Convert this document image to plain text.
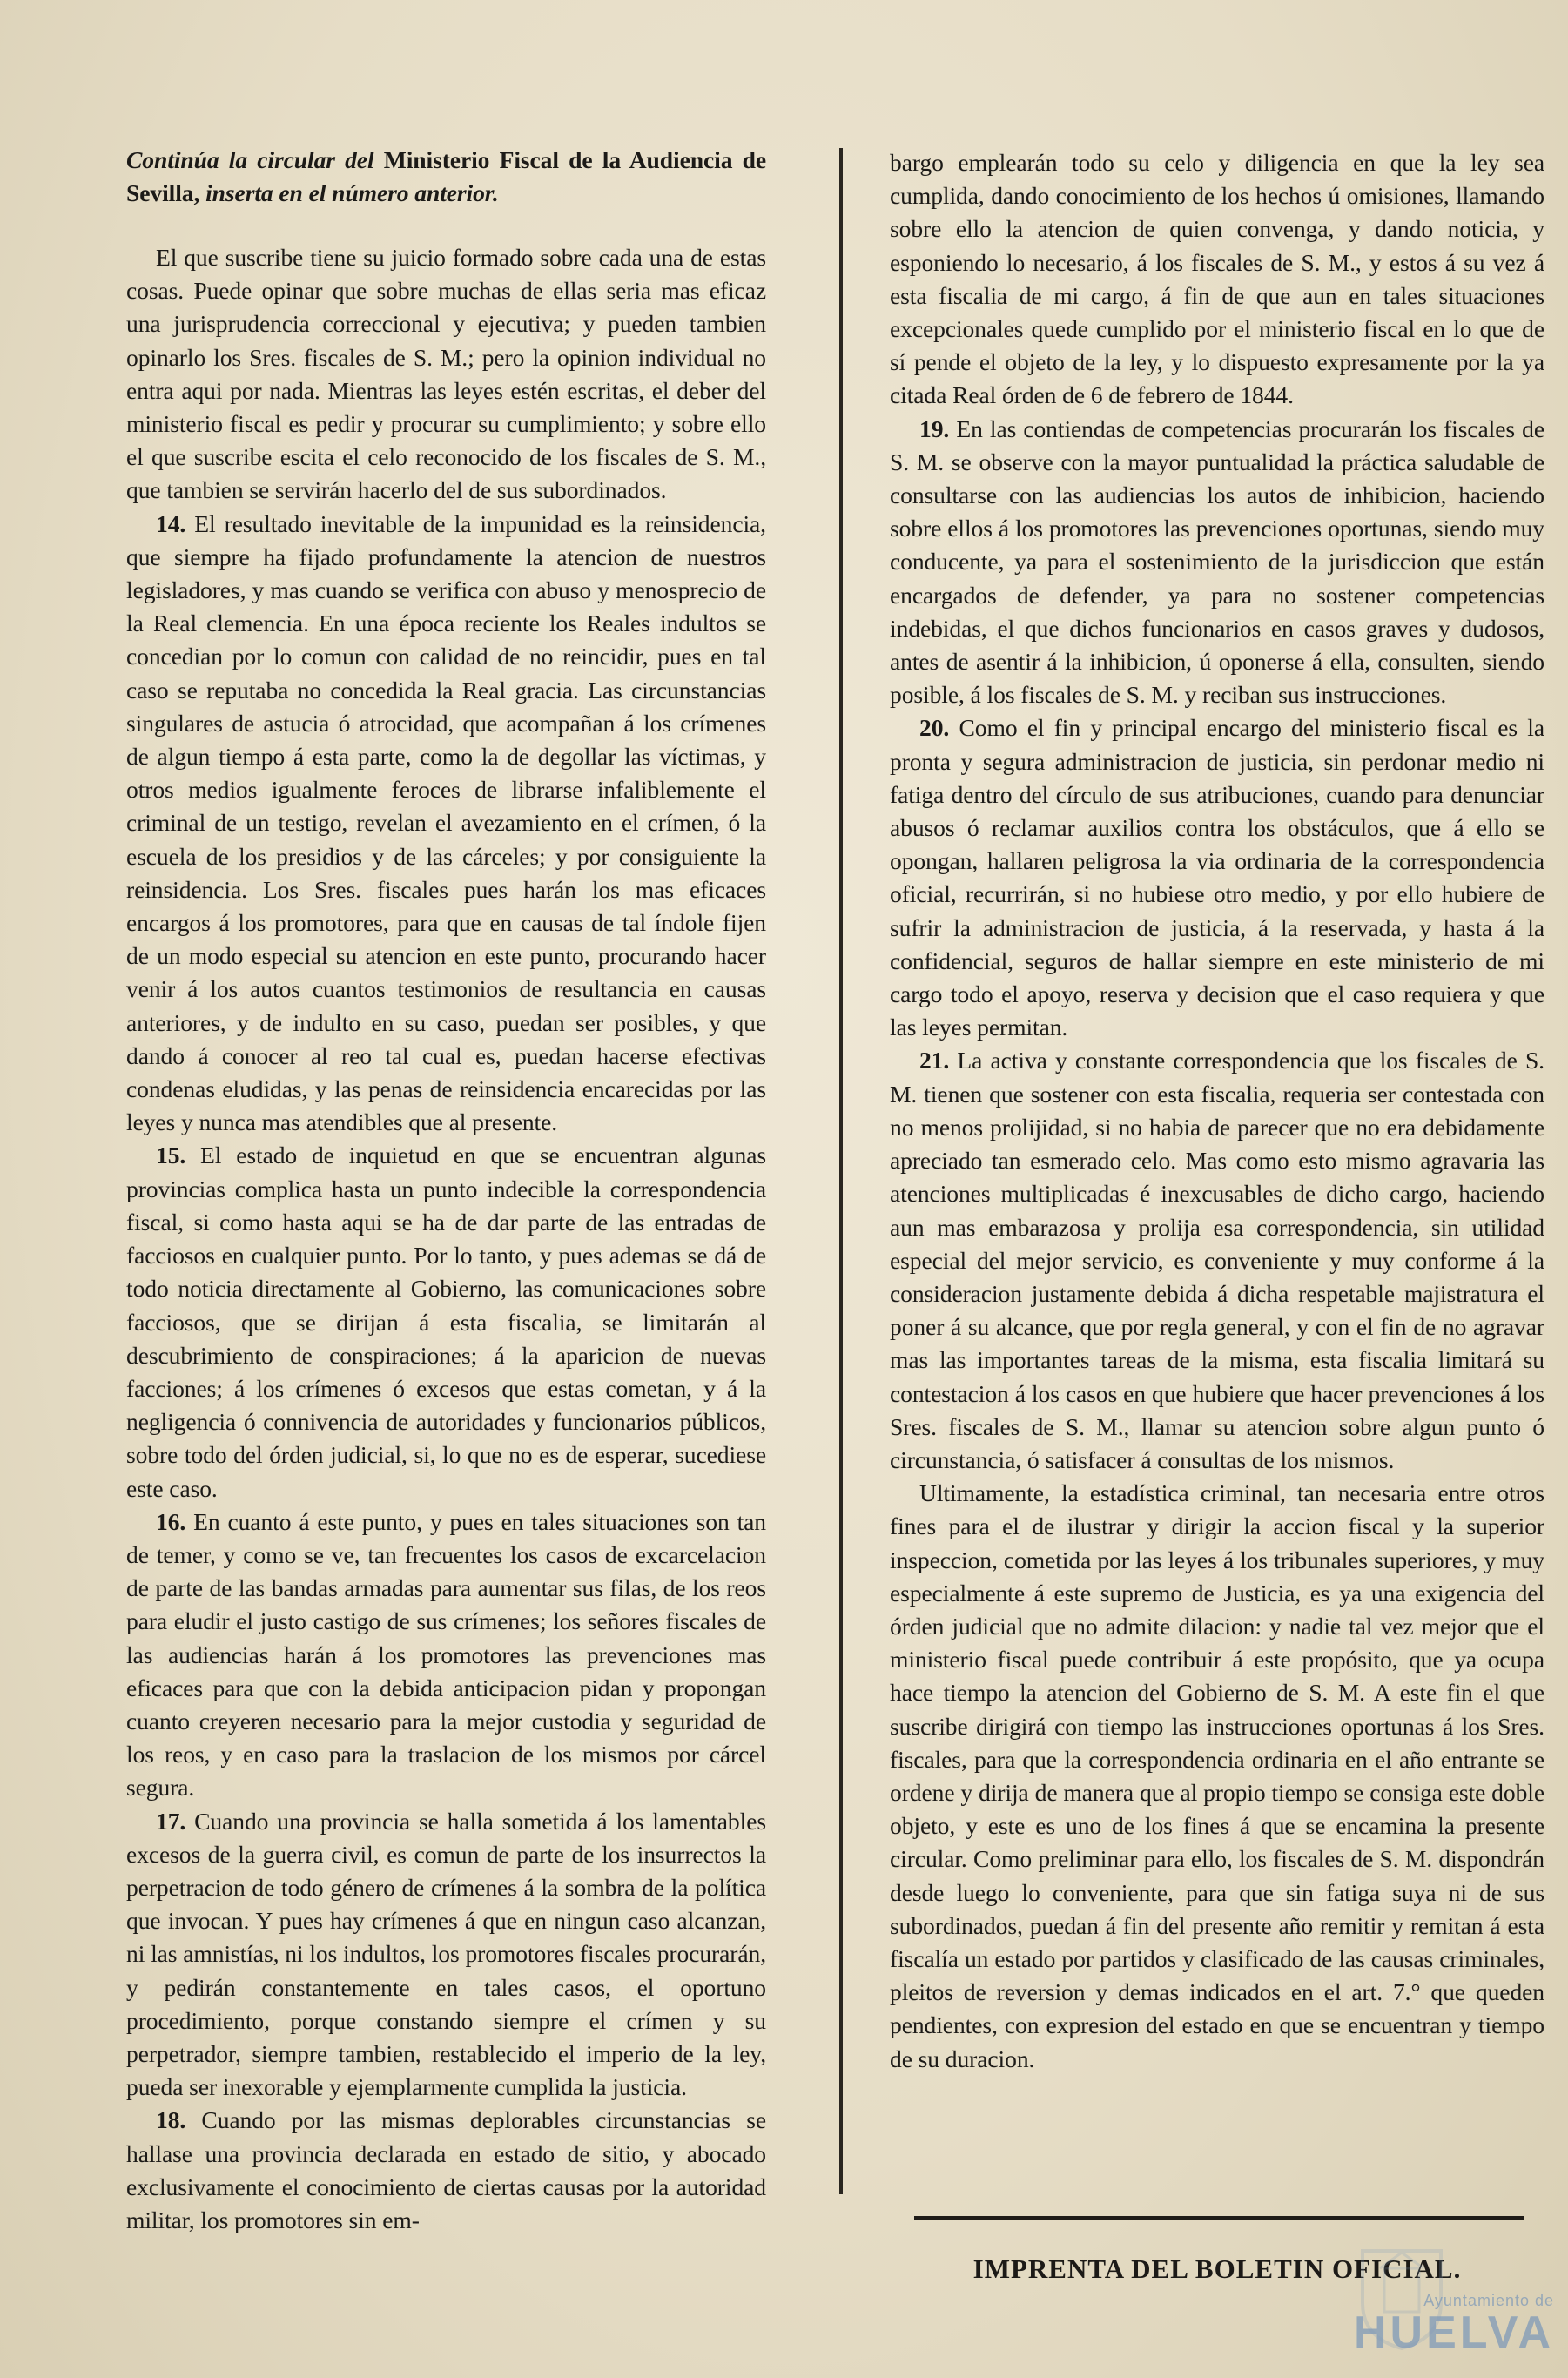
Continúa la circular del Ministerio Fiscal de la Audiencia de Sevilla, inserta en el número anterior.

El que suscribe tiene su juicio formado sobre cada una de estas cosas. Puede opinar que sobre muchas de ellas seria mas eficaz una jurisprudencia correccional y ejecutiva; y pueden tambien opinarlo los Sres. fiscales de S. M.; pero la opinion individual no entra aqui por nada. Mientras las leyes estén escritas, el deber del ministerio fiscal es pedir y procurar su cumplimiento; y sobre ello el que suscribe escita el celo reconocido de los fiscales de S. M., que tambien se servirán hacerlo del de sus subordinados.

14. El resultado inevitable de la impunidad es la reinsidencia, que siempre ha fijado profundamente la atencion de nuestros legisladores, y mas cuando se verifica con abuso y menosprecio de la Real clemencia. En una época reciente los Reales indultos se concedian por lo comun con calidad de no reincidir, pues en tal caso se reputaba no concedida la Real gracia. Las circunstancias singulares de astucia ó atrocidad, que acompañan á los crímenes de algun tiempo á esta parte, como la de degollar las víctimas, y otros medios igualmente feroces de librarse infaliblemente el criminal de un testigo, revelan el avezamiento en el crímen, ó la escuela de los presidios y de las cárceles; y por consiguiente la reinsidencia. Los Sres. fiscales pues harán los mas eficaces encargos á los promotores, para que en causas de tal índole fijen de un modo especial su atencion en este punto, procurando hacer venir á los autos cuantos testimonios de resultancia en causas anteriores, y de indulto en su caso, puedan ser posibles, y que dando á conocer al reo tal cual es, puedan hacerse efectivas condenas eludidas, y las penas de reinsidencia encarecidas por las leyes y nunca mas atendibles que al presente.

15. El estado de inquietud en que se encuentran algunas provincias complica hasta un punto indecible la correspondencia fiscal, si como hasta aqui se ha de dar parte de las entradas de facciosos en cualquier punto. Por lo tanto, y pues ademas se dá de todo noticia directamente al Gobierno, las comunicaciones sobre facciosos, que se dirijan á esta fiscalia, se limitarán al descubrimiento de conspiraciones; á la aparicion de nuevas facciones; á los crímenes ó excesos que estas cometan, y á la negligencia ó connivencia de autoridades y funcionarios públicos, sobre todo del órden judicial, si, lo que no es de esperar, sucediese este caso.

16. En cuanto á este punto, y pues en tales situaciones son tan de temer, y como se ve, tan frecuentes los casos de excarcelacion de parte de las bandas armadas para aumentar sus filas, de los reos para eludir el justo castigo de sus crímenes; los señores fiscales de las audiencias harán á los promotores las prevenciones mas eficaces para que con la debida anticipacion pidan y propongan cuanto creyeren necesario para la mejor custodia y seguridad de los reos, y en caso para la traslacion de los mismos por cárcel segura.

17. Cuando una provincia se halla sometida á los lamentables excesos de la guerra civil, es comun de parte de los insurrectos la perpetracion de todo género de crímenes á la sombra de la política que invocan. Y pues hay crímenes á que en ningun caso alcanzan, ni las amnistías, ni los indultos, los promotores fiscales procurarán, y pedirán constantemente en tales casos, el oportuno procedimiento, porque constando siempre el crímen y su perpetrador, siempre tambien, restablecido el imperio de la ley, pueda ser inexorable y ejemplarmente cumplida la justicia.

18. Cuando por las mismas deplorables circunstancias se hallase una provincia declarada en estado de sitio, y abocado exclusivamente el conocimiento de ciertas causas por la autoridad militar, los promotores sin em-

bargo emplearán todo su celo y diligencia en que la ley sea cumplida, dando conocimiento de los hechos ú omisiones, llamando sobre ello la atencion de quien convenga, y dando noticia, y esponiendo lo necesario, á los fiscales de S. M., y estos á su vez á esta fiscalia de mi cargo, á fin de que aun en tales situaciones excepcionales quede cumplido por el ministerio fiscal en lo que de sí pende el objeto de la ley, y lo dispuesto expresamente por la ya citada Real órden de 6 de febrero de 1844.

19. En las contiendas de competencias procurarán los fiscales de S. M. se observe con la mayor puntualidad la práctica saludable de consultarse con las audiencias los autos de inhibicion, haciendo sobre ellos á los promotores las prevenciones oportunas, siendo muy conducente, ya para el sostenimiento de la jurisdiccion que están encargados de defender, ya para no sostener competencias indebidas, el que dichos funcionarios en casos graves y dudosos, antes de asentir á la inhibicion, ú oponerse á ella, consulten, siendo posible, á los fiscales de S. M. y reciban sus instrucciones.

20. Como el fin y principal encargo del ministerio fiscal es la pronta y segura administracion de justicia, sin perdonar medio ni fatiga dentro del círculo de sus atribuciones, cuando para denunciar abusos ó reclamar auxilios contra los obstáculos, que á ello se opongan, hallaren peligrosa la via ordinaria de la correspondencia oficial, recurrirán, si no hubiese otro medio, y por ello hubiere de sufrir la administracion de justicia, á la reservada, y hasta á la confidencial, seguros de hallar siempre en este ministerio de mi cargo todo el apoyo, reserva y decision que el caso requiera y que las leyes permitan.

21. La activa y constante correspondencia que los fiscales de S. M. tienen que sostener con esta fiscalia, requeria ser contestada con no menos prolijidad, si no habia de parecer que no era debidamente apreciado tan esmerado celo. Mas como esto mismo agravaria las atenciones multiplicadas é inexcusables de dicho cargo, haciendo aun mas embarazosa y prolija esa correspondencia, sin utilidad especial del mejor servicio, es conveniente y muy conforme á la consideracion justamente debida á dicha respetable majistratura el poner á su alcance, que por regla general, y con el fin de no agravar mas las importantes tareas de la misma, esta fiscalia limitará su contestacion á los casos en que hubiere que hacer prevenciones á los Sres. fiscales de S. M., llamar su atencion sobre algun punto ó circunstancia, ó satisfacer á consultas de los mismos.

Ultimamente, la estadística criminal, tan necesaria entre otros fines para el de ilustrar y dirigir la accion fiscal y la superior inspeccion, cometida por las leyes á los tribunales superiores, y muy especialmente á este supremo de Justicia, es ya una exigencia del órden judicial que no admite dilacion: y nadie tal vez mejor que el ministerio fiscal puede contribuir á este propósito, que ya ocupa hace tiempo la atencion del Gobierno de S. M. A este fin el que suscribe dirigirá con tiempo las instrucciones oportunas á los Sres. fiscales, para que la correspondencia ordinaria en el año entrante se ordene y dirija de manera que al propio tiempo se consiga este doble objeto, y este es uno de los fines á que se encamina la presente circular. Como preliminar para ello, los fiscales de S. M. dispondrán desde luego lo conveniente, para que sin fatiga suya ni de sus subordinados, puedan á fin del presente año remitir y remitan á esta fiscalía un estado por partidos y clasificado de las causas criminales, pleitos de reversion y demas indicados en el art. 7.° que queden pendientes, con expresion del estado en que se encuentran y tiempo de su duracion.

IMPRENTA DEL BOLETIN OFICIAL.
Ayuntamiento de
HUELVA
